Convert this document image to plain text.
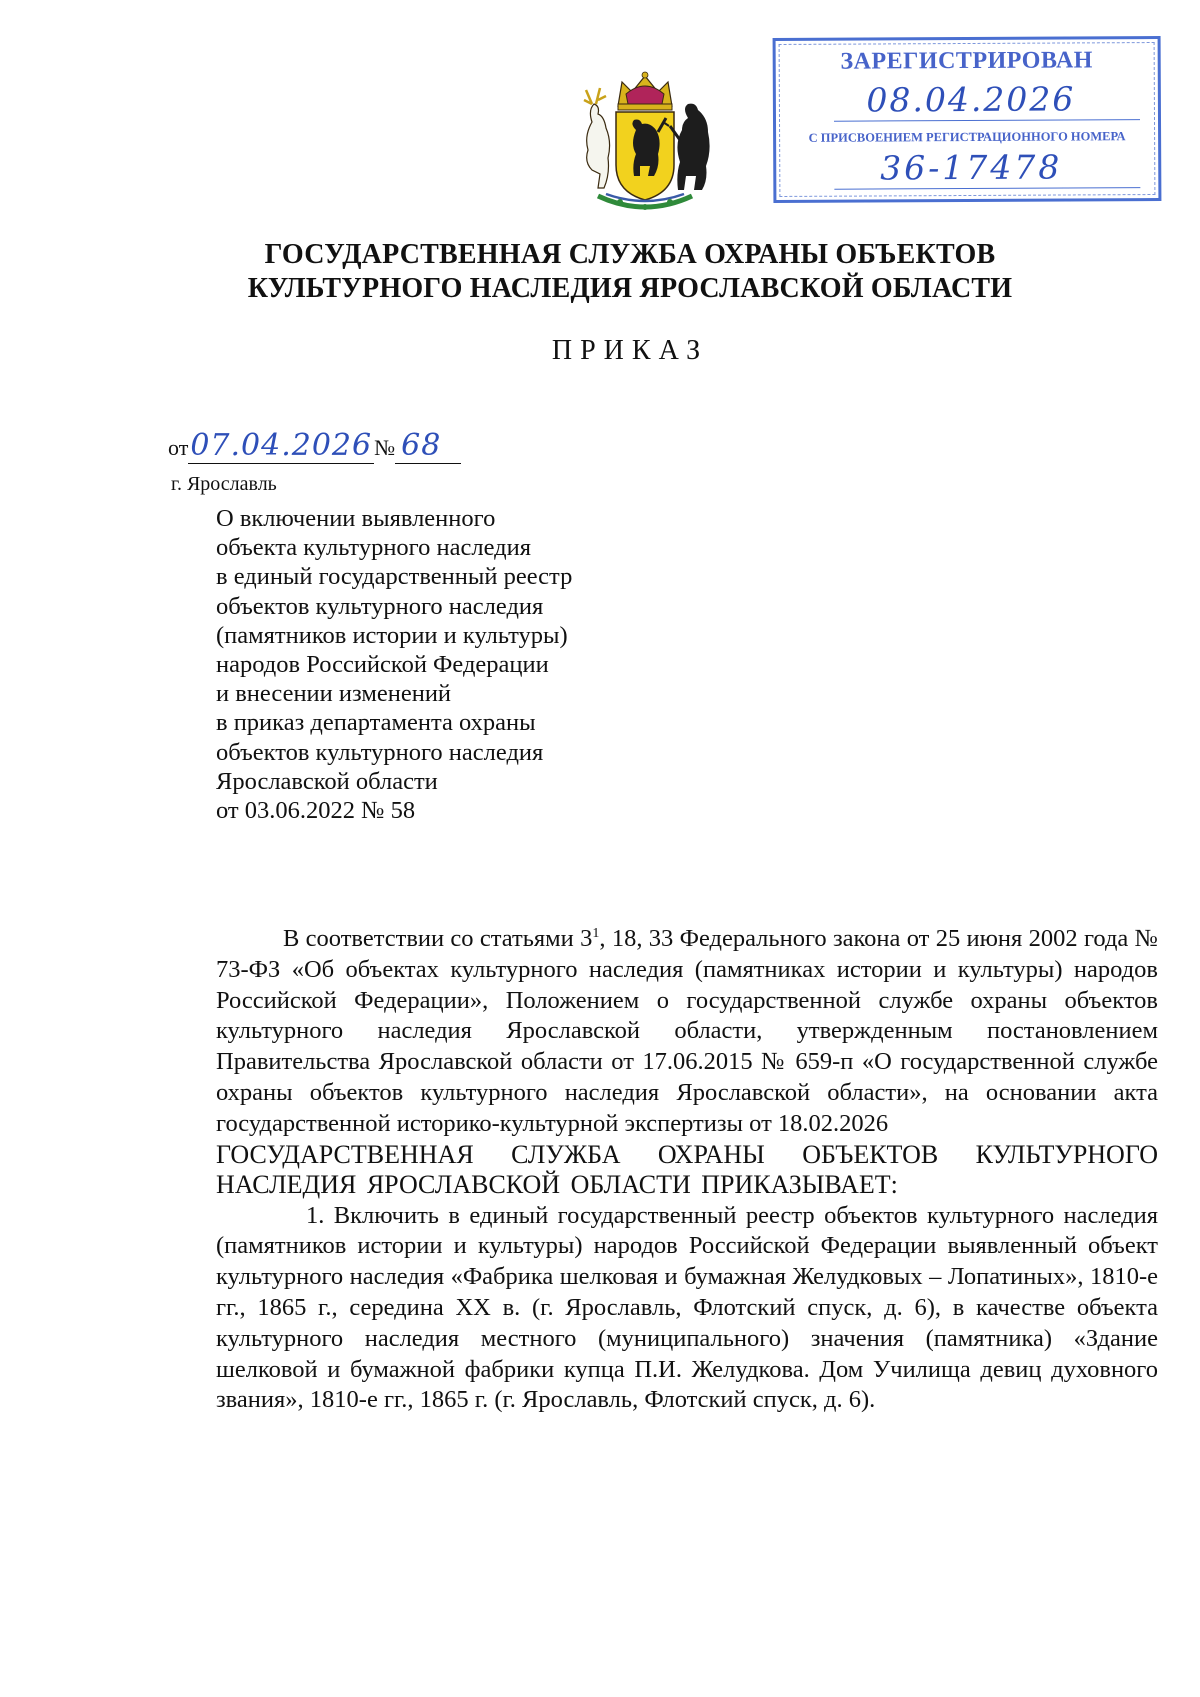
ЗАРЕГИСТРИРОВАН
08.04.2026
С ПРИСВОЕНИЕМ РЕГИСТРАЦИОННОГО НОМЕРА
36-17478
ГОСУДАРСТВЕННАЯ СЛУЖБА ОХРАНЫ ОБЪЕКТОВ
КУЛЬТУРНОГО НАСЛЕДИЯ ЯРОСЛАВСКОЙ ОБЛАСТИ
ПРИКАЗ
от07.04.2026№ 68
г. Ярославль
О включении выявленного
объекта культурного наследия
в единый государственный реестр
объектов культурного наследия
(памятников истории и культуры)
народов Российской Федерации
и внесении изменений
в приказ департамента охраны
объектов культурного наследия
Ярославской области
от 03.06.2022 № 58

В соответствии со статьями $3^1$, 18, 33 Федерального закона от 25 июня 2002 года № 73-ФЗ «Об объектах культурного наследия (памятниках истории и культуры) народов Российской Федерации», Положением о государственной службе охраны объектов культурного наследия Ярославской области, утвержденным постановлением Правительства Ярославской области от 17.06.2015 № 659-п «О государственной службе охраны объектов культурного наследия Ярославской области», на основании акта государственной историко-культурной экспертизы от 18.02.2026

ГОСУДАРСТВЕННАЯ СЛУЖБА ОХРАНЫ ОБЪЕКТОВ КУЛЬТУРНОГО НАСЛЕДИЯ ЯРОСЛАВСКОЙ ОБЛАСТИ ПРИКАЗЫВАЕТ:

1. Включить в единый государственный реестр объектов культурного наследия (памятников истории и культуры) народов Российской Федерации выявленный объект культурного наследия «Фабрика шелковая и бумажная Желудковых – Лопатиных», 1810-е гг., 1865 г., середина XX в. (г. Ярославль, Флотский спуск, д. 6), в качестве объекта культурного наследия местного (муниципального) значения (памятника) «Здание шелковой и бумажной фабрики купца П.И. Желудкова. Дом Училища девиц духовного звания», 1810-е гг., 1865 г. (г. Ярославль, Флотский спуск, д. 6).
